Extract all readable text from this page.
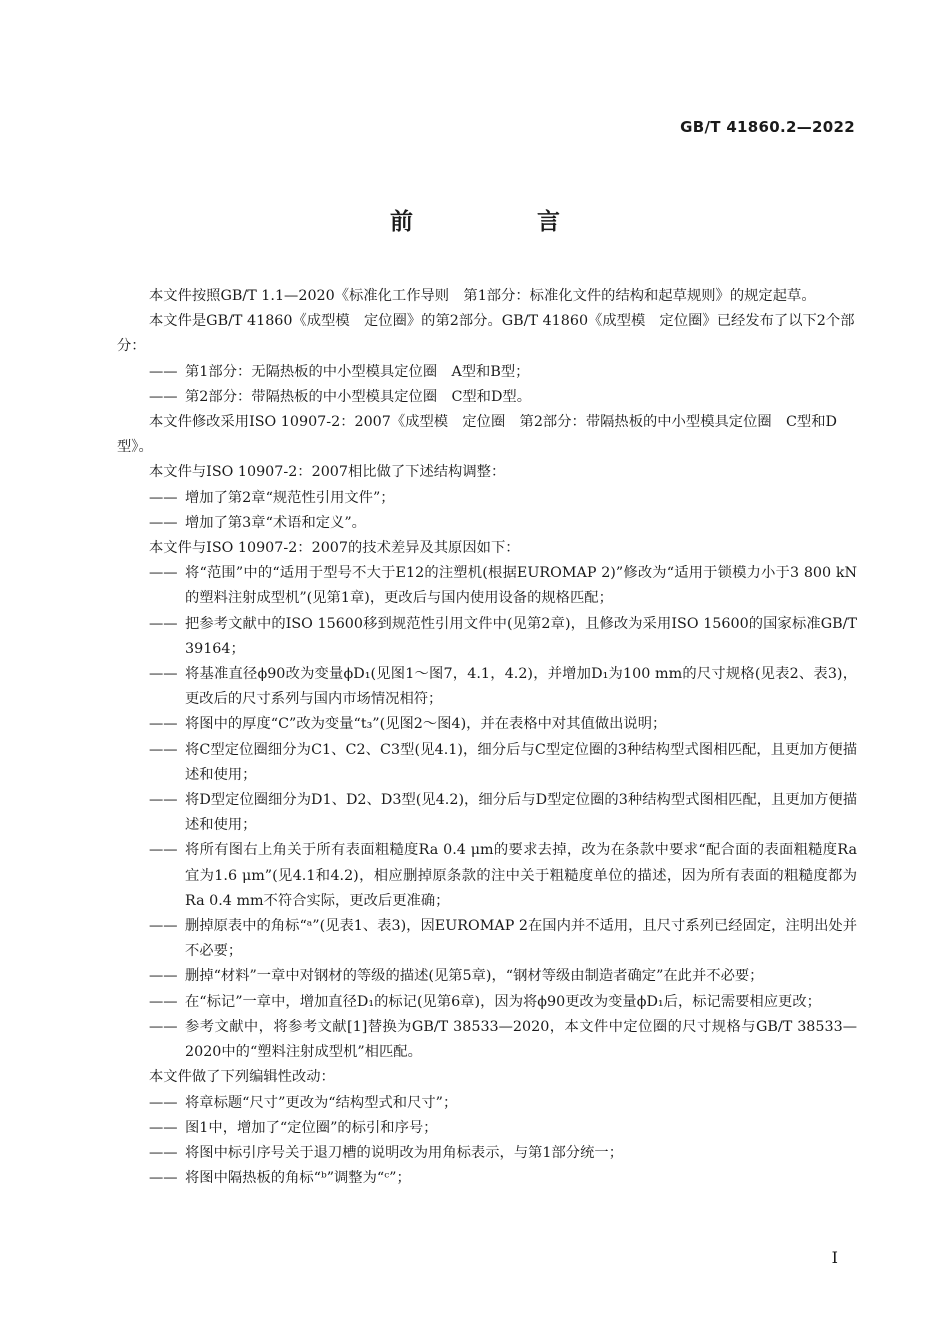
GB/T 41860.2—2022
前 言

本文件按照GB/T 1.1—2020《标准化工作导则　第1部分：标准化文件的结构和起草规则》的规定起草。

本文件是GB/T 41860《成型模　定位圈》的第2部分。GB/T 41860《成型模　定位圈》已经发布了以下2个部分：

—— 第1部分：无隔热板的中小型模具定位圈　A型和B型；
—— 第2部分：带隔热板的中小型模具定位圈　C型和D型。

本文件修改采用ISO 10907-2：2007《成型模　定位圈　第2部分：带隔热板的中小型模具定位圈　C型和D型》。

本文件与ISO 10907-2：2007相比做了下述结构调整：

—— 增加了第2章“规范性引用文件”；
—— 增加了第3章“术语和定义”。

本文件与ISO 10907-2：2007的技术差异及其原因如下：

—— 将“范围”中的“适用于型号不大于E12的注塑机(根据EUROMAP 2)”修改为“适用于锁模力小于3 800 kN的塑料注射成型机”(见第1章)，更改后与国内使用设备的规格匹配；
—— 把参考文献中的ISO 15600移到规范性引用文件中(见第2章)，且修改为采用ISO 15600的国家标准GB/T 39164；
—— 将基准直径ϕ90改为变量ϕD₁(见图1～图7，4.1，4.2)，并增加D₁为100 mm的尺寸规格(见表2、表3)，更改后的尺寸系列与国内市场情况相符；
—— 将图中的厚度“C”改为变量“t₃”(见图2～图4)，并在表格中对其值做出说明；
—— 将C型定位圈细分为C1、C2、C3型(见4.1)，细分后与C型定位圈的3种结构型式图相匹配，且更加方便描述和使用；
—— 将D型定位圈细分为D1、D2、D3型(见4.2)，细分后与D型定位圈的3种结构型式图相匹配，且更加方便描述和使用；
—— 将所有图右上角关于所有表面粗糙度Ra 0.4 μm的要求去掉，改为在条款中要求“配合面的表面粗糙度Ra宜为1.6 μm”(见4.1和4.2)，相应删掉原条款的注中关于粗糙度单位的描述，因为所有表面的粗糙度都为Ra 0.4 mm不符合实际，更改后更准确；
—— 删掉原表中的角标“ᵃ”(见表1、表3)，因EUROMAP 2在国内并不适用，且尺寸系列已经固定，注明出处并不必要；
—— 删掉“材料”一章中对钢材的等级的描述(见第5章)，“钢材等级由制造者确定”在此并不必要；
—— 在“标记”一章中，增加直径D₁的标记(见第6章)，因为将ϕ90更改为变量ϕD₁后，标记需要相应更改；
—— 参考文献中，将参考文献[1]替换为GB/T 38533—2020，本文件中定位圈的尺寸规格与GB/T 38533—2020中的“塑料注射成型机”相匹配。

本文件做了下列编辑性改动：

—— 将章标题“尺寸”更改为“结构型式和尺寸”；
—— 图1中，增加了“定位圈”的标引和序号；
—— 将图中标引序号关于退刀槽的说明改为用角标表示，与第1部分统一；
—— 将图中隔热板的角标“ᵇ”调整为“ᶜ”；
I
